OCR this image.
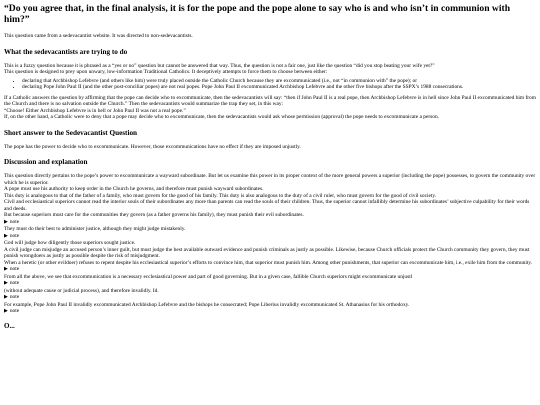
“Do you agree that, in the final analysis, it is for the pope and the pope alone to say who is and who isn’t in communion with him?”

This question came from a sedevacantist website. It was directed to non-sedevacantists.

What the sedevacantists are trying to do

This is a fuzzy question because it is phrased as a “yes or no” question but cannot be answered that way. Thus, the question is not a fair one, just like the question “did you stop beating your wife yet?”

This question is designed to prey upon unwary, low-information Traditional Catholics. It deceptively attempts to force them to choose between either:

• declaring that Archbishop Lefebvre (and others like him) were truly placed outside the Catholic Church because they are excommunicated (i.e., not “in communion with” the pope); or
• declaring Pope John Paul II (and the other post-conciliar popes) are not real popes. Pope John Paul II excommunicated Archbishop Lefebvre and the other five bishops after the SSPX’s 1988 consecrations.

If a Catholic answers the question by affirming that the pope can decide who to excommunicate, then the sedevacantists will say: “then if John Paul II is a real pope, then Archbishop Lefebvre is in hell since John Paul II excommunicated him from the Church and there is no salvation outside the Church.” Then the sedevacantists would summarize the trap they set, in this way:

“Choose! Either Archbishop Lefebvre is in hell or John Paul II was not a real pope.”

If, on the other hand, a Catholic were to deny that a pope may decide who to excommunicate, then the sedevacantists would ask whose permission (approval) the pope needs to excommunicate a person.

Short answer to the Sedevacantist Question

The pope has the power to decide who to excommunicate. However, those excommunications have no effect if they are imposed unjustly.

Discussion and explanation

This question directly pertains to the pope’s power to excommunicate a wayward subordinate. But let us examine this power in its proper context of the more general powers a superior (including the pope) possesses, to govern the community over which he is superior.

A pope must use his authority to keep order in the Church he governs, and therefore must punish wayward subordinates.

This duty is analogous to that of the father of a family, who must govern for the good of his family. This duty is also analogous to the duty of a civil ruler, who must govern for the good of civil society.

Civil and ecclesiastical superiors cannot read the interior souls of their subordinates any more than parents can read the souls of their children. Thus, the superior cannot infallibly determine his subordinates’ subjective culpability for their words and deeds.

But because superiors must care for the communities they govern (as a father governs his family), they must punish their evil subordinates.

▶ note

They must do their best to administer justice, although they might judge mistakenly.

▶ note

God will judge how diligently those superiors sought justice.

A civil judge can misjudge an accused person’s inner guilt, but must judge the best available outward evidence and punish criminals as justly as possible. Likewise, because Church officials protect the Church community they govern, they must punish wrongdoers as justly as possible despite the risk of misjudgment.

When a heretic (or other evildoer) refuses to repent despite his ecclesiastical superior’s efforts to convince him, that superior must punish him. Among other punishments, that superior can excommunicate him, i.e., exile him from the community.

▶ note

From all the above, we see that excommunication is a necessary ecclesiastical power and part of good governing. But in a given case, fallible Church superiors might excommunicate unjustl

▶ note

(without adequate cause or judicial process), and therefore invalidly. Id.

▶ note

For example, Pope John Paul II invalidly excommunicated Archbishop Lefebvre and the bishops he consecrated; Pope Liberius invalidly excommunicated St. Athanasius for his orthodoxy.

▶ note
O...
